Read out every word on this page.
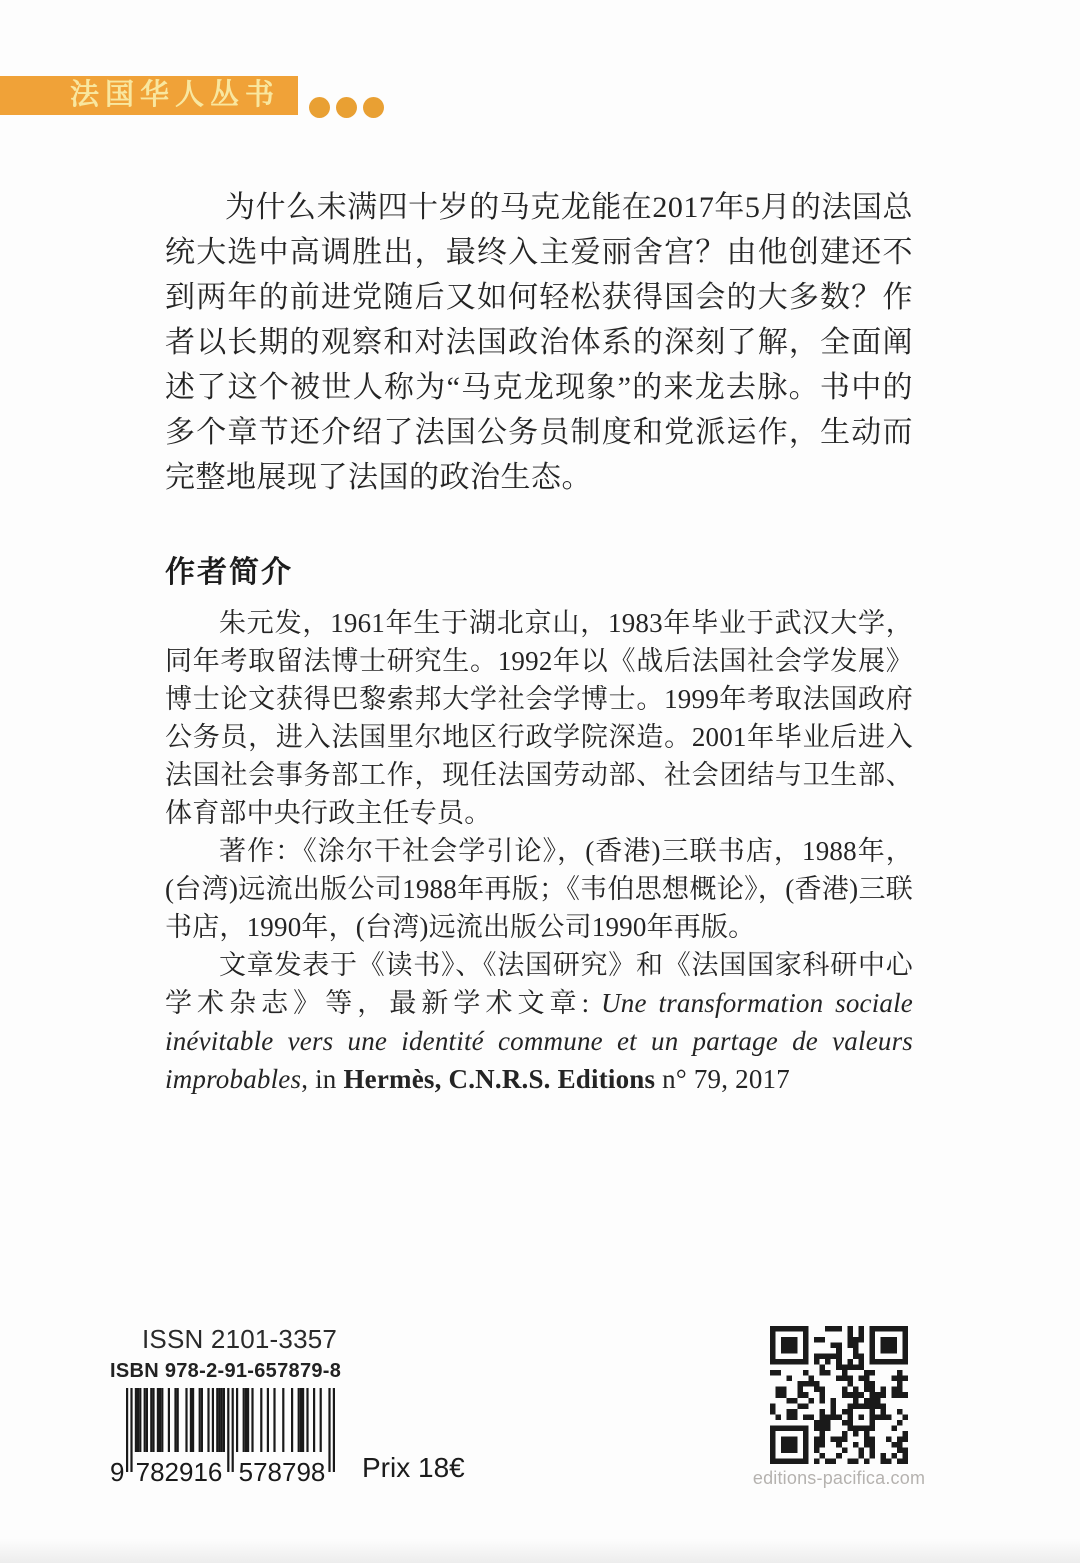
法国华人丛书

为什么未满四十岁的马克龙能在2017年5月的法国总统大选中高调胜出，最终入主爱丽舍宫？由他创建还不到两年的前进党随后又如何轻松获得国会的大多数？作者以长期的观察和对法国政治体系的深刻了解，全面阐述了这个被世人称为“马克龙现象”的来龙去脉。书中的多个章节还介绍了法国公务员制度和党派运作，生动而完整地展现了法国的政治生态。

作者简介

朱元发，1961年生于湖北京山，1983年毕业于武汉大学，同年考取留法博士研究生。1992年以《战后法国社会学发展》博士论文获得巴黎索邦大学社会学博士。1999年考取法国政府公务员，进入法国里尔地区行政学院深造。2001年毕业后进入法国社会事务部工作，现任法国劳动部、社会团结与卫生部、体育部中央行政主任专员。

著作：《涂尔干社会学引论》，(香港)三联书店，1988年，(台湾)远流出版公司1988年再版；《韦伯思想概论》，(香港)三联书店，1990年，(台湾)远流出版公司1990年再版。

文章发表于《读书》、《法国研究》和《法国国家科研中心学术杂志》等，最新学术文章: Une transformation sociale inévitable vers une identité commune et un partage de valeurs improbables, in Hermès, C.N.R.S. Editions n° 79, 2017

ISSN 2101-3357
ISBN 978-2-91-657879-8
9 782916 578798 Prix 18€	editions-pacifica.com
